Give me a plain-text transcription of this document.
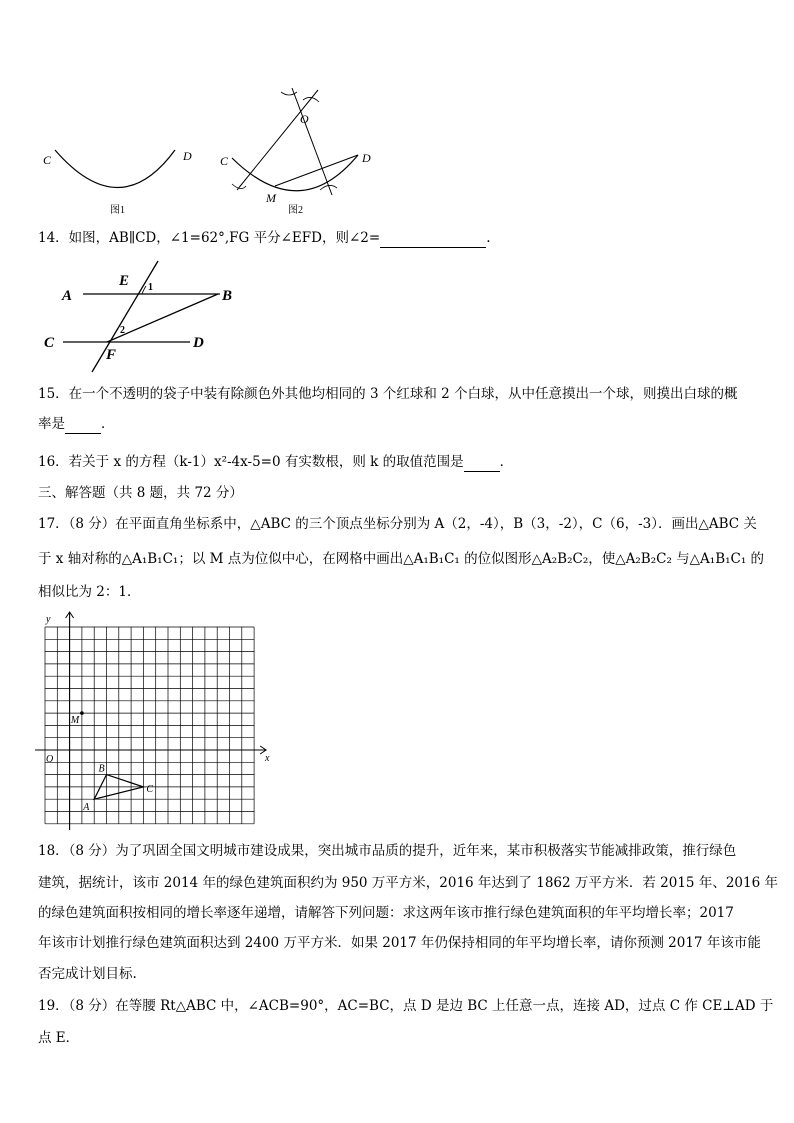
C	D
图1
O
C	D
M
图2
14．如图，AB∥CD，∠1=62°,FG 平分∠EFD，则∠2=	.
A	B
C	D
E
F
1
2
15．在一个不透明的袋子中装有除颜色外其他均相同的 3 个红球和 2 个白球，从中任意摸出一个球，则摸出白球的概
率是	．
16．若关于 x 的方程（k-1）x²-4x-5=0 有实数根，则 k 的取值范围是	．
三、解答题（共 8 题，共 72 分）
17．（8 分）在平面直角坐标系中，△ABC 的三个顶点坐标分别为 A（2，-4），B（3，-2），C（6，-3）．画出△ABC 关
于 x 轴对称的△A₁B₁C₁；以 M 点为位似中心，在网格中画出△A₁B₁C₁ 的位似图形△A₂B₂C₂，使△A₂B₂C₂ 与△A₁B₁C₁ 的
相似比为 2：1．
y
x
O
M
A
B
C
18．（8 分）为了巩固全国文明城市建设成果，突出城市品质的提升，近年来，某市积极落实节能减排政策，推行绿色
建筑，据统计，该市 2014 年的绿色建筑面积约为 950 万平方米，2016 年达到了 1862 万平方米．若 2015 年、2016 年
的绿色建筑面积按相同的增长率逐年递增，请解答下列问题：求这两年该市推行绿色建筑面积的年平均增长率；2017
年该市计划推行绿色建筑面积达到 2400 万平方米．如果 2017 年仍保持相同的年平均增长率，请你预测 2017 年该市能
否完成计划目标.
19．（8 分）在等腰 Rt△ABC 中，∠ACB=90°，AC=BC，点 D 是边 BC 上任意一点，连接 AD，过点 C 作 CE⊥AD 于
点 E．
